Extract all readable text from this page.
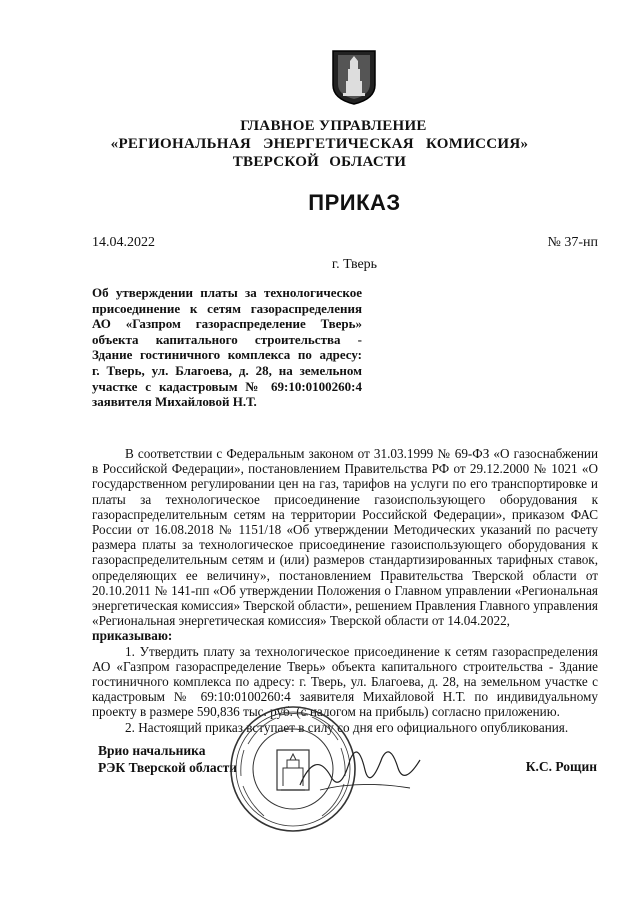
ГЛАВНОЕ УПРАВЛЕНИЕ
«РЕГИОНАЛЬНАЯ ЭНЕРГЕТИЧЕСКАЯ КОМИССИЯ»
ТВЕРСКОЙ ОБЛАСТИ
ПРИКАЗ
14.04.2022	№ 37-нп
г. Тверь
Об утверждении платы за технологическое
присоединение к сетям газораспределения
АО «Газпром газораспределение Тверь»
объекта капитального строительства -
Здание гостиничного комплекса по адресу:
г. Тверь, ул. Благоева, д. 28, на земельном
участке с кадастровым № 69:10:0100260:4
заявителя Михайловой Н.Т.

В соответствии с Федеральным законом от 31.03.1999 № 69-ФЗ «О газоснабжении в Российской Федерации», постановлением Правительства РФ от 29.12.2000 № 1021 «О государственном регулировании цен на газ, тарифов на услуги по его транспортировке и платы за технологическое присоединение газоиспользующего оборудования к газораспределительным сетям на территории Российской Федерации», приказом ФАС России от 16.08.2018 № 1151/18 «Об утверждении Методических указаний по расчету размера платы за технологическое присоединение газоиспользующего оборудования к газораспределительным сетям и (или) размеров стандартизированных тарифных ставок, определяющих ее величину», постановлением Правительства Тверской области от 20.10.2011 № 141-пп «Об утверждении Положения о Главном управлении «Региональная энергетическая комиссия» Тверской области», решением Правления Главного управления «Региональная энергетическая комиссия» Тверской области от 14.04.2022,

приказываю:

1. Утвердить плату за технологическое присоединение к сетям газораспределения АО «Газпром газораспределение Тверь» объекта капитального строительства - Здание гостиничного комплекса по адресу: г. Тверь, ул. Благоева, д. 28, на земельном участке с кадастровым № 69:10:0100260:4 заявителя Михайловой Н.Т. по индивидуальному проекту в размере 590,836 тыс. руб. (с налогом на прибыль) согласно приложению.
2. Настоящий приказ вступает в силу со дня его официального опубликования.
Врио начальника
РЭК Тверской области	К.С. Рощин
